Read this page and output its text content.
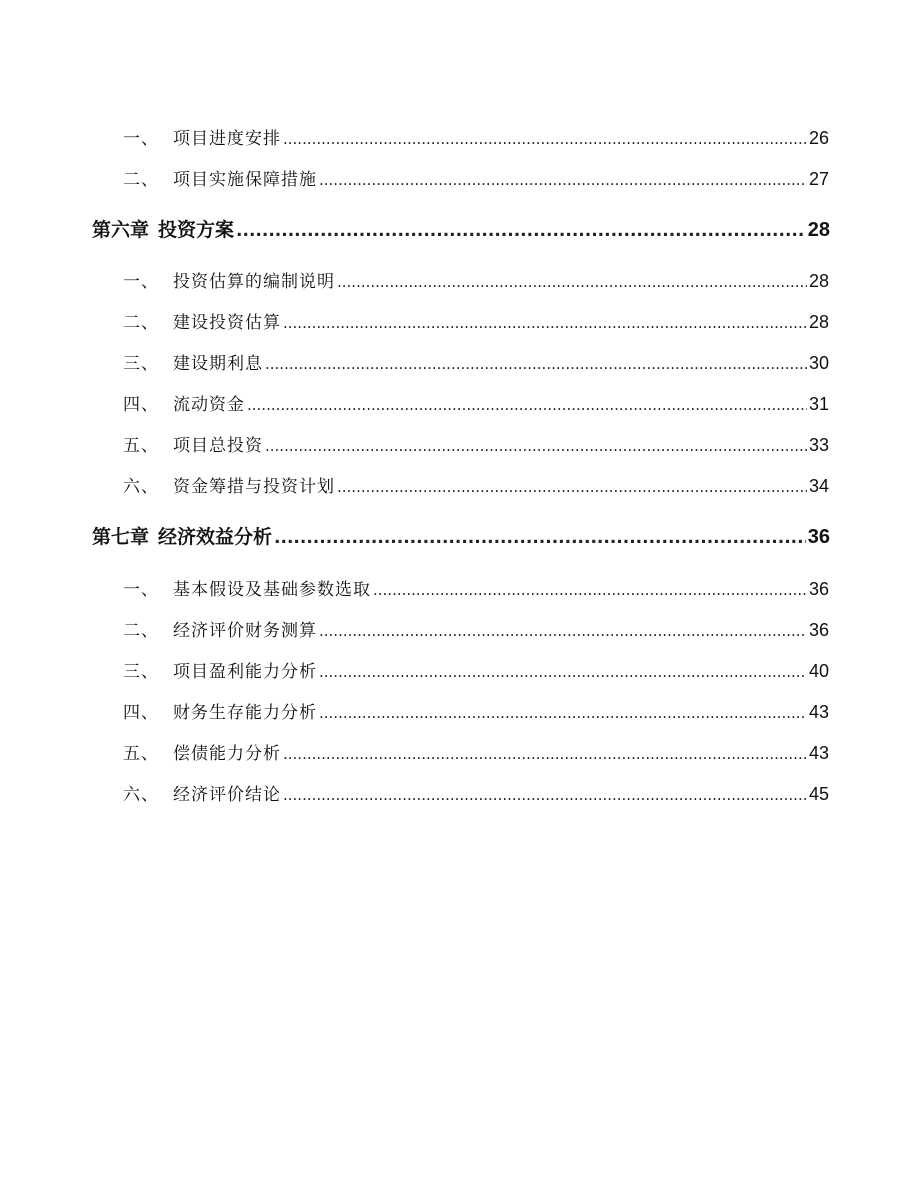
一、 项目进度安排 .....	26
二、 项目实施保障措施 .....	27
第六章 投资方案 .....	28
一、 投资估算的编制说明 .....	28
二、 建设投资估算 .....	28
三、 建设期利息 .....	30
四、 流动资金 .....	31
五、 项目总投资 .....	33
六、 资金筹措与投资计划 .....	34
第七章 经济效益分析 .....	36
一、 基本假设及基础参数选取 .....	36
二、 经济评价财务测算 .....	36
三、 项目盈利能力分析 .....	40
四、 财务生存能力分析 .....	43
五、 偿债能力分析 .....	43
六、 经济评价结论 .....	45
